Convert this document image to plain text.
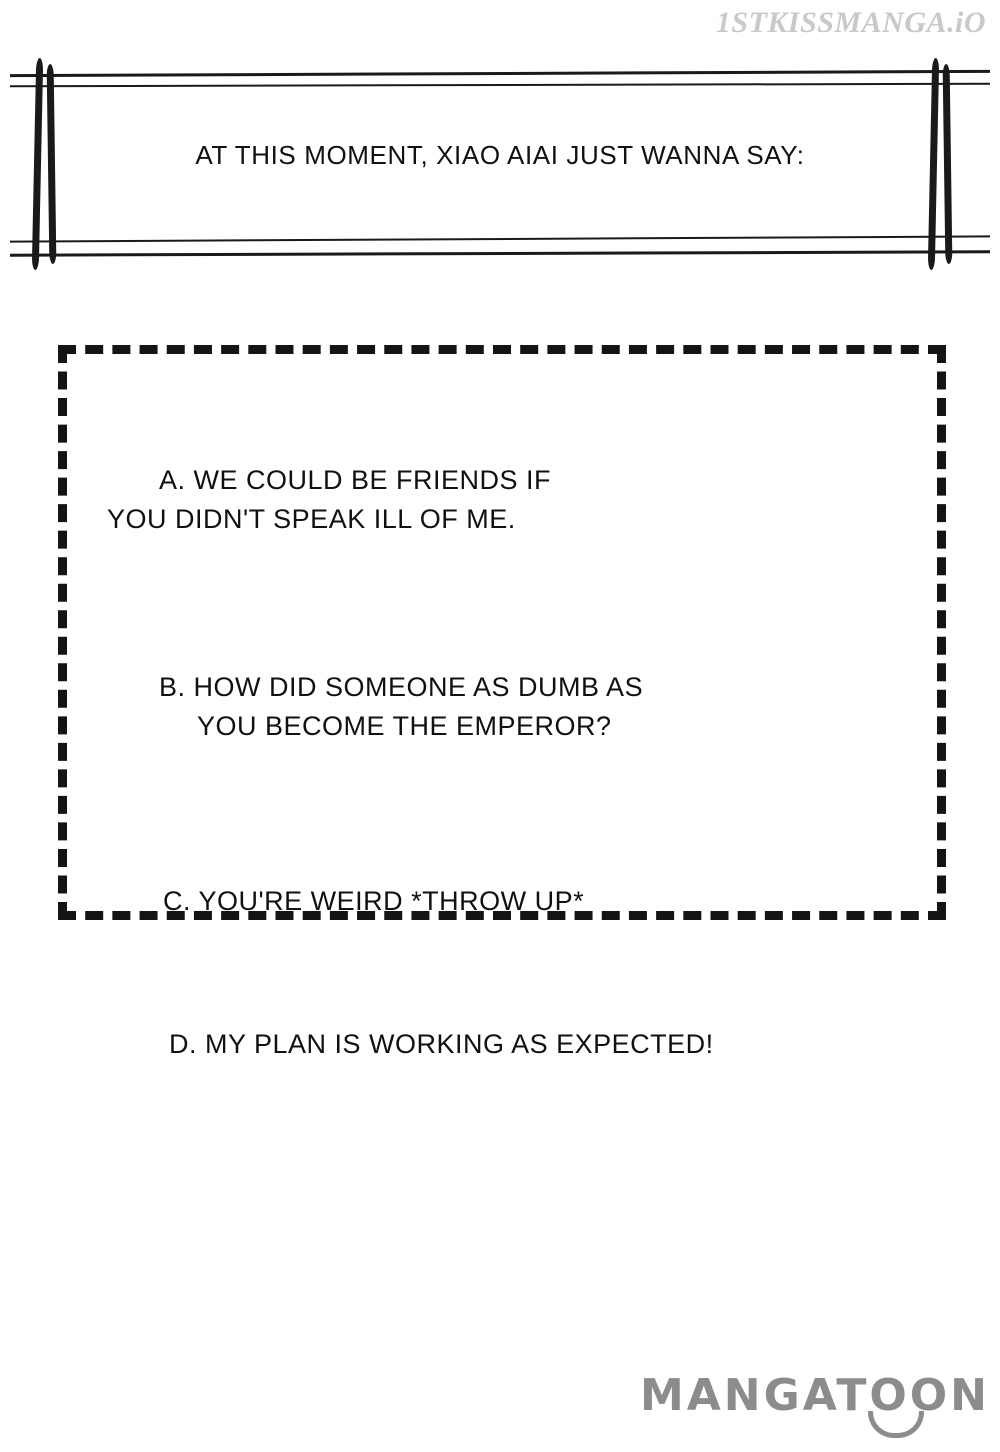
1STKISSMANGA.iO
AT THIS MOMENT, XIAO AIAI JUST WANNA SAY:

A. WE COULD BE FRIENDS IF

YOU DIDN'T SPEAK ILL OF ME.

B. HOW DID SOMEONE AS DUMB AS

YOU BECOME THE EMPEROR?

C. YOU'RE WEIRD *THROW UP*

D. MY PLAN IS WORKING AS EXPECTED!

MANGATOON
